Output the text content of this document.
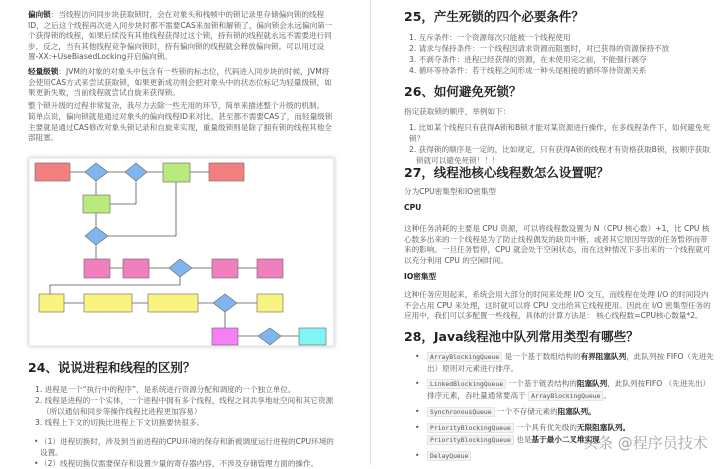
偏向锁：当线程访问同步块获取锁时，会在对象头和栈帧中的锁记录里存储偏向锁的线程ID，之后这个线程再次进入同步块时都不需要CAS来加锁和解锁了，偏向锁会永远偏向第一个获得锁的线程，如果后续没有其他线程获得过这个锁，持有锁的线程就永远不需要进行同步，反之，当有其他线程竞争偏向锁时，持有偏向锁的线程就会释放偏向锁。可以用过设置-XX:+UseBiasedLocking开启偏向锁。
轻量级锁：JVM的对象的对象头中包含有一些锁的标志位，代码进入同步块的时候，JVM将会使用CAS方式来尝试获取锁，如果更新成功则会把对象头中的状态位标记为轻量级锁，如果更新失败，当前线程就尝试自旋来获得锁。
整个锁升级的过程非常复杂，我尽力去除一些无用的环节，简单来描述整个升级的机制。
简单点说，偏向锁就是通过对象头的偏向线程ID来对比，甚至都不需要CAS了，而轻量级锁主要就是通过CAS修改对象头锁记录和自旋来实现，重量级锁则是除了拥有锁的线程其他全部阻塞。
24、说说进程和线程的区别？
1. 进程是一个“执行中的程序”，是系统进行资源分配和调度的一个独立单位。
2. 线程是进程的一个实体，一个进程中拥有多个线程，线程之间共享地址空间和其它资源（所以通信和同步等操作线程比进程更加容易）
3. 线程上下文的切换比进程上下文切换要快很多。
• （1）进程切换时，涉及到当前进程的CPU环境的保存和新被调度运行进程的CPU环境的设置。
• （2）线程切换仅需要保存和设置少量的寄存器内容，不涉及存储管理方面的操作。
25，产生死锁的四个必要条件？
1. 互斥条件：一个资源每次只能被一个线程使用
2. 请求与保持条件：一个线程因请求资源而阻塞时，对已获得的资源保持不放
3. 不剥夺条件：进程已经获得的资源，在未使用完之前，不能强行剥夺
4. 循环等待条件：若干线程之间形成一种头尾相接的循环等待资源关系
26、如何避免死锁？
指定获取锁的顺序，举例如下：
1. 比如某个线程只有获得A锁和B锁才能对某资源进行操作，在多线程条件下，如何避免死锁？
2. 获得锁的顺序是一定的，比如规定，只有获得A锁的线程才有资格获取B锁，按顺序获取锁就可以避免死锁！！！
27，线程池核心线程数怎么设置呢？
分为CPU密集型和IO密集型
CPU
这种任务消耗的主要是 CPU 资源，可以将线程数设置为 N（CPU 核心数）+1，比 CPU 核心数多出来的一个线程是为了防止线程偶发的缺页中断，或者其它原因导致的任务暂停而带来的影响。一旦任务暂停，CPU 就会处于空闲状态，而在这种情况下多出来的一个线程就可以充分利用 CPU 的空闲时间。
IO密集型
这种任务应用起来，系统会用大部分的时间来处理 I/O 交互，而线程在处理 I/O 的时间段内不会占用 CPU 来处理，这时就可以将 CPU 交出给其它线程使用。因此在 I/O 密集型任务的应用中，我们可以多配置一些线程，具体的计算方法是： 核心线程数=CPU核心数量*2。
28，Java线程池中队列常用类型有哪些？
• ArrayBlockingQueue 是一个基于数组结构的有界阻塞队列，此队列按 FIFO（先进先出）原则对元素进行排序。
• LinkedBlockingQueue 一个基于链表结构的阻塞队列，此队列按FIFO （先进先出） 排序元素，吞吐量通常要高于 ArrayBlockingQueue 。
• SynchronousQueue 一个不存储元素的阻塞队列。
• PriorityBlockingQueue 一个具有优先级的无限阻塞队列。 PriorityBlockingQueue 也是基于最小二叉堆实现
• DelayQueue
头条 @程序员技术
